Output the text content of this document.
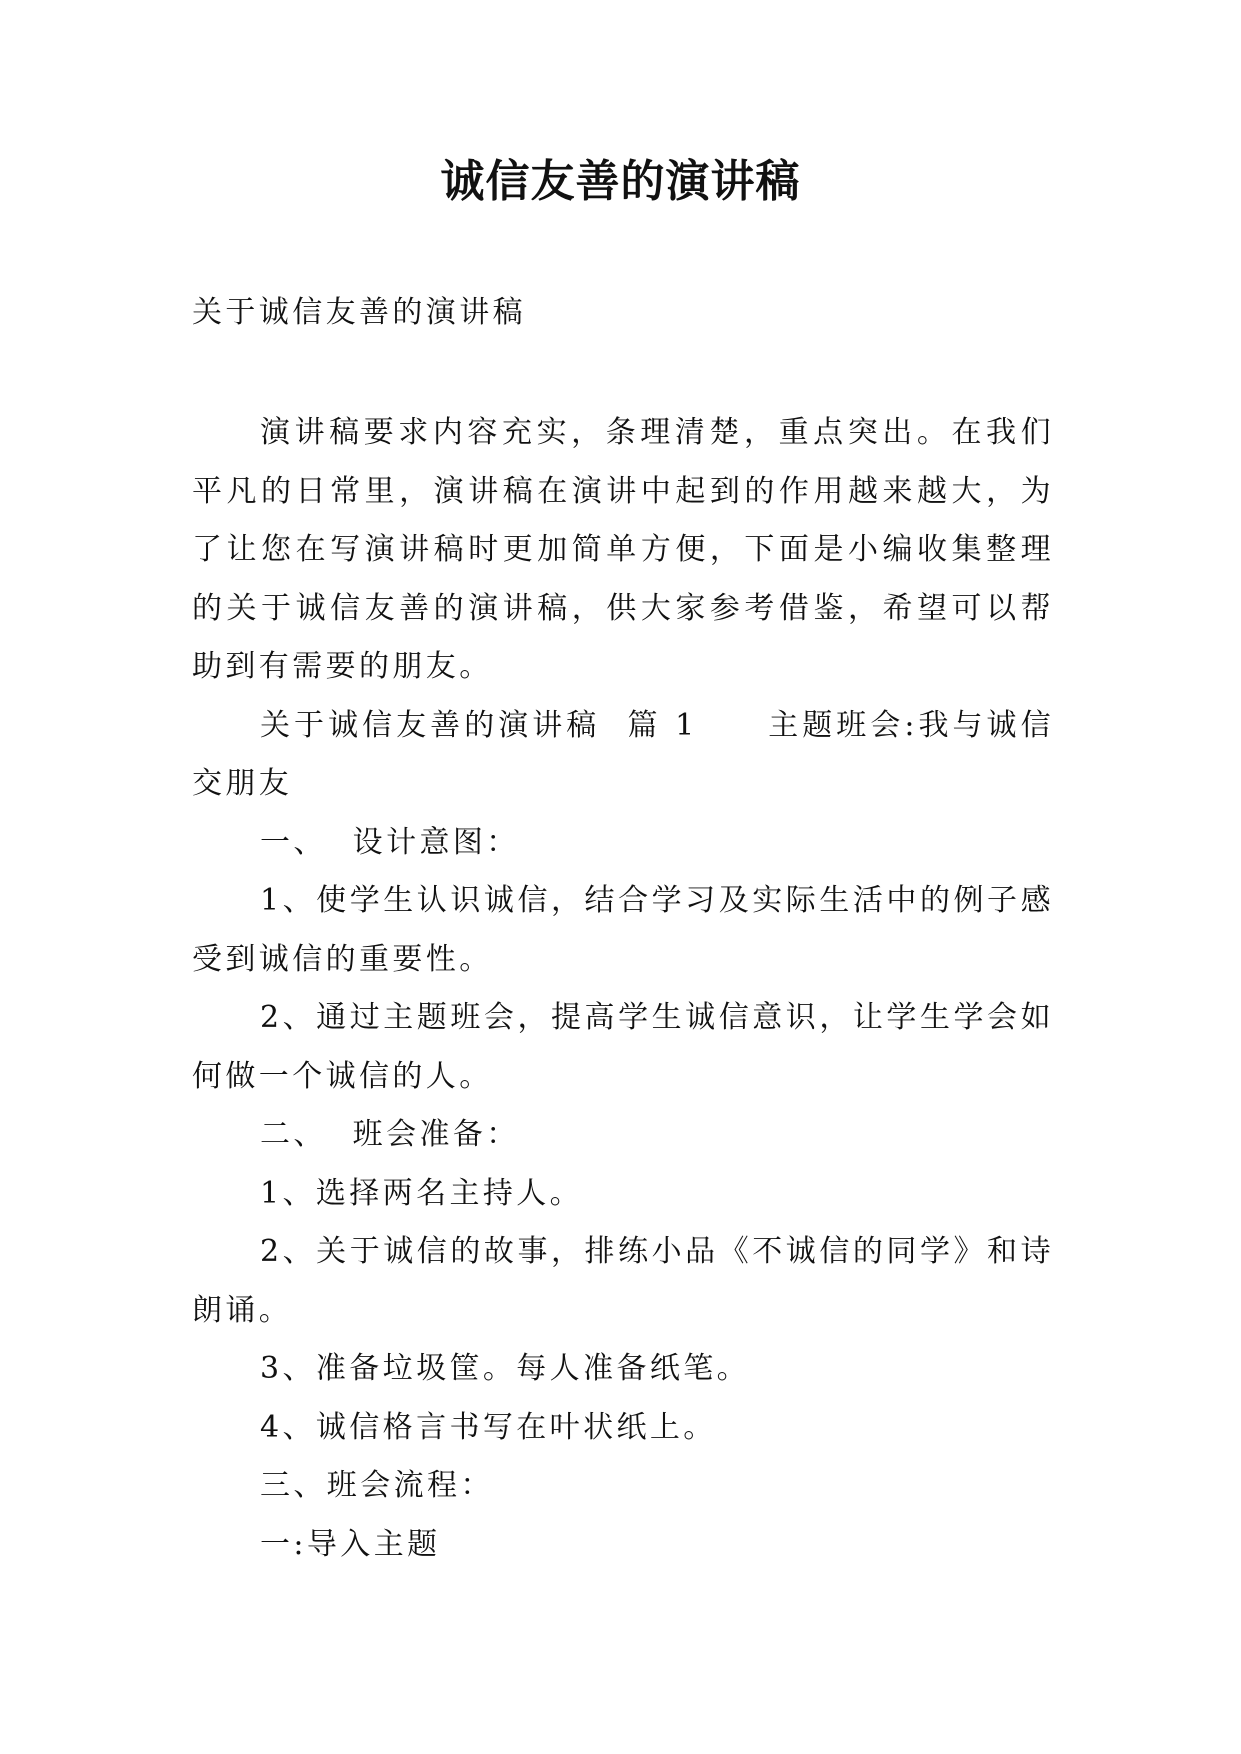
诚信友善的演讲稿

关于诚信友善的演讲稿

演讲稿要求内容充实，条理清楚，重点突出。在我们平凡的日常里，演讲稿在演讲中起到的作用越来越大，为了让您在写演讲稿时更加简单方便，下面是小编收集整理的关于诚信友善的演讲稿，供大家参考借鉴，希望可以帮助到有需要的朋友。

关于诚信友善的演讲稿  篇 1 主题班会:我与诚信交朋友

一、  设计意图：

1、使学生认识诚信，结合学习及实际生活中的例子感受到诚信的重要性。

2、通过主题班会，提高学生诚信意识，让学生学会如何做一个诚信的人。

二、  班会准备：

1、选择两名主持人。

2、关于诚信的故事，排练小品《不诚信的同学》和诗朗诵。

3、准备垃圾筐。每人准备纸笔。

4、诚信格言书写在叶状纸上。

三、班会流程：

一:导入主题
